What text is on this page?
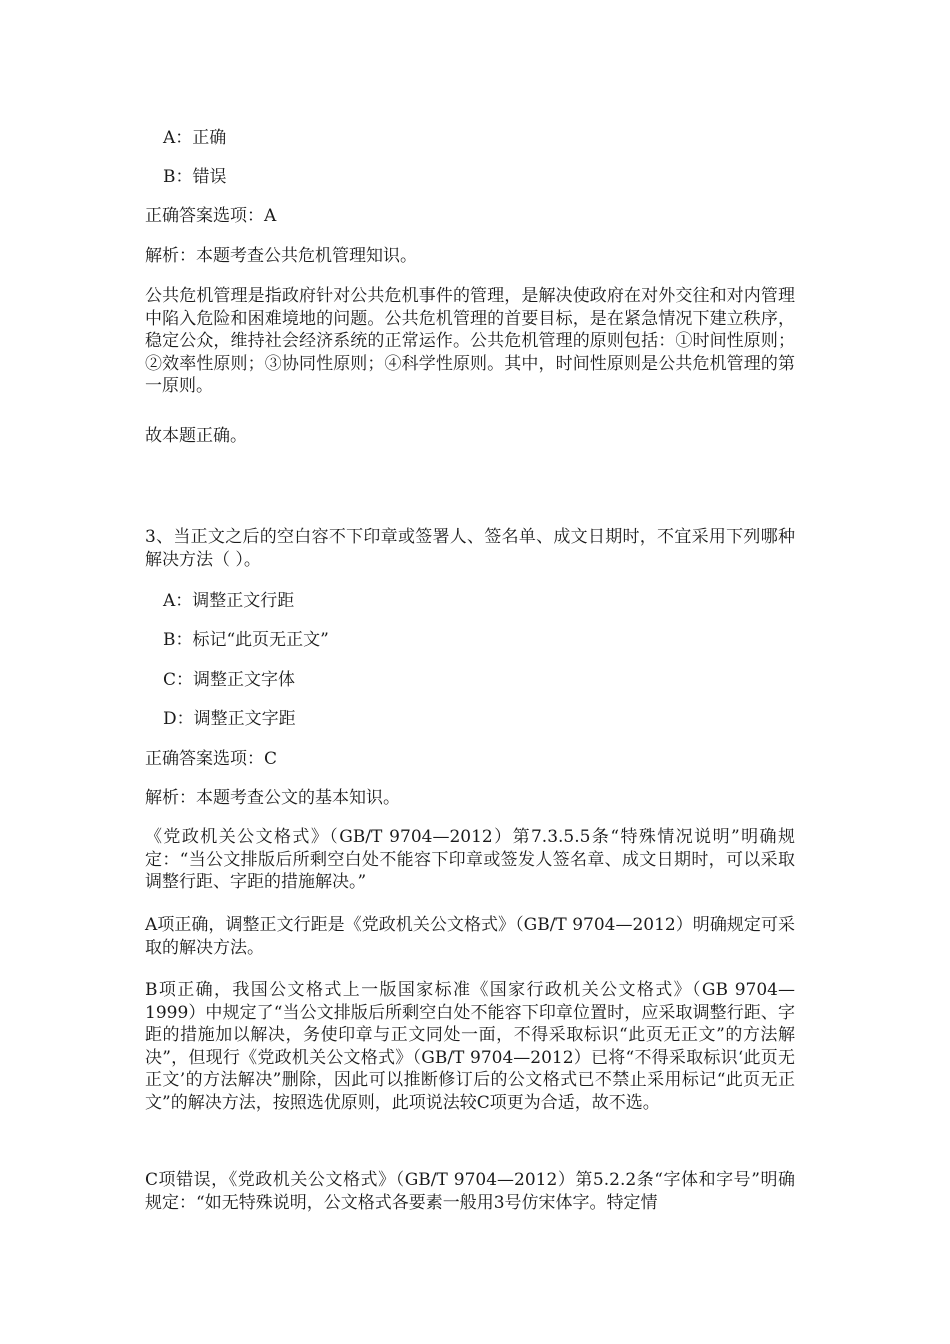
A：正确
B：错误
正确答案选项：A
解析：本题考查公共危机管理知识。
公共危机管理是指政府针对公共危机事件的管理，是解决使政府在对外交往和对内管理中陷入危险和困难境地的问题。公共危机管理的首要目标，是在紧急情况下建立秩序，稳定公众，维持社会经济系统的正常运作。公共危机管理的原则包括：①时间性原则；②效率性原则；③协同性原则；④科学性原则。其中，时间性原则是公共危机管理的第一原则。
故本题正确。
3、当正文之后的空白容不下印章或签署人、签名单、成文日期时，不宜采用下列哪种解决方法（ ）。
A：调整正文行距
B：标记“此页无正文”
C：调整正文字体
D：调整正文字距
正确答案选项：C
解析：本题考查公文的基本知识。
《党政机关公文格式》（GB/T 9704—2012）第7.3.5.5条“特殊情况说明”明确规定：“当公文排版后所剩空白处不能容下印章或签发人签名章、成文日期时，可以采取调整行距、字距的措施解决。”
A项正确，调整正文行距是《党政机关公文格式》（GB/T 9704—2012）明确规定可采取的解决方法。
B项正确，我国公文格式上一版国家标准《国家行政机关公文格式》（GB 9704—1999）中规定了“当公文排版后所剩空白处不能容下印章位置时，应采取调整行距、字距的措施加以解决，务使印章与正文同处一面，不得采取标识“此页无正文”的方法解决”，但现行《党政机关公文格式》（GB/T 9704—2012）已将“不得采取标识‘此页无正文’的方法解决”删除，因此可以推断修订后的公文格式已不禁止采用标记“此页无正文”的解决方法，按照选优原则，此项说法较C项更为合适，故不选。
C项错误，《党政机关公文格式》（GB/T 9704—2012）第5.2.2条“字体和字号”明确规定：“如无特殊说明，公文格式各要素一般用3号仿宋体字。特定情
